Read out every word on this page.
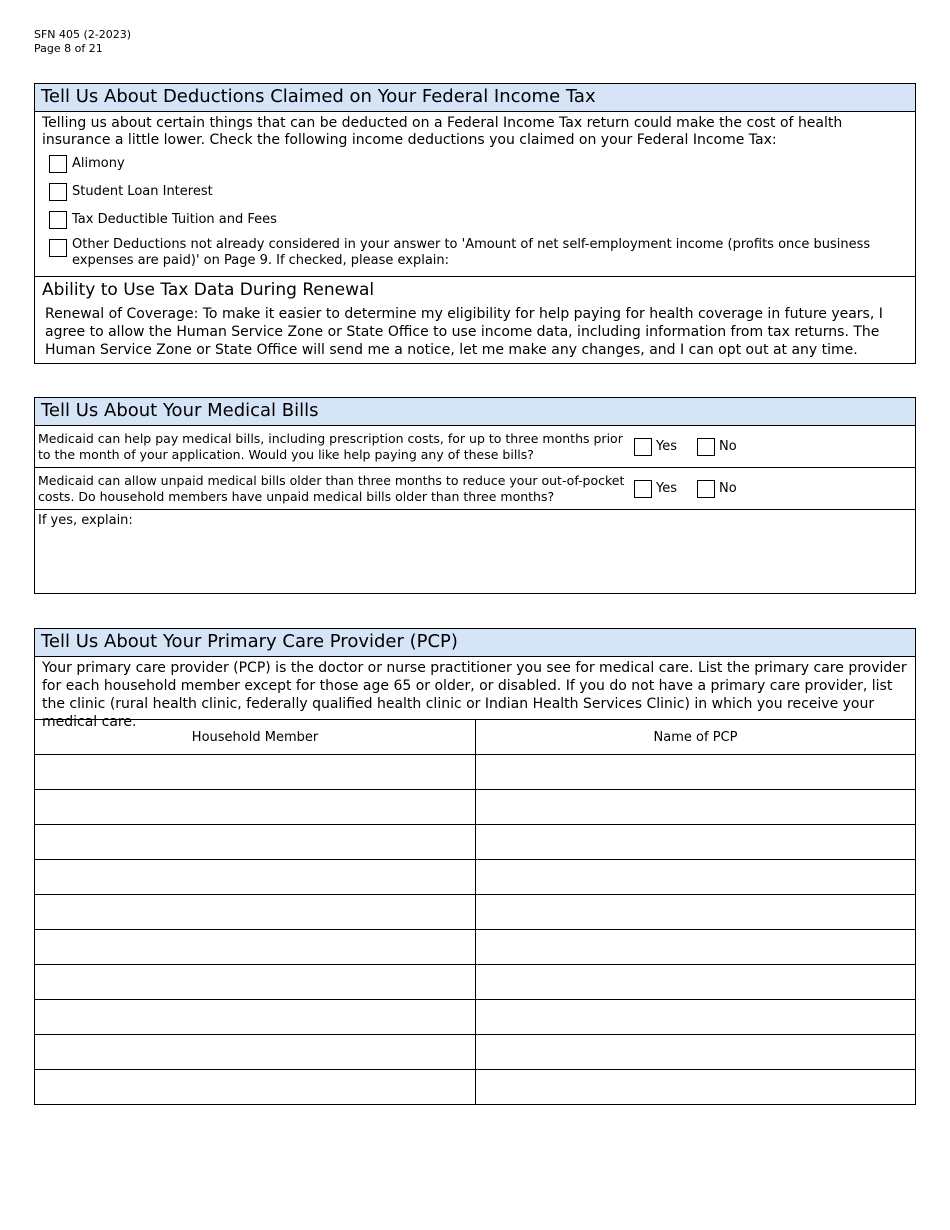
SFN 405 (2-2023)
Page 8 of 21
Tell Us About Deductions Claimed on Your Federal Income Tax
Telling us about certain things that can be deducted on a Federal Income Tax return could make the cost of health insurance a little lower. Check the following income deductions you claimed on your Federal Income Tax:
Alimony
Student Loan Interest
Tax Deductible Tuition and Fees
Other Deductions not already considered in your answer to 'Amount of net self-employment income (profits once business expenses are paid)' on Page 9. If checked, please explain:
Ability to Use Tax Data During Renewal
Renewal of Coverage: To make it easier to determine my eligibility for help paying for health coverage in future years, I agree to allow the Human Service Zone or State Office to use income data, including information from tax returns. The Human Service Zone or State Office will send me a notice, let me make any changes, and I can opt out at any time.
Tell Us About Your Medical Bills
Medicaid can help pay medical bills, including prescription costs, for up to three months prior to the month of your application. Would you like help paying any of these bills?
Yes	No
Medicaid can allow unpaid medical bills older than three months to reduce your out-of-pocket costs. Do household members have unpaid medical bills older than three months?
Yes	No
If yes, explain:
Tell Us About Your Primary Care Provider (PCP)
Your primary care provider (PCP) is the doctor or nurse practitioner you see for medical care. List the primary care provider for each household member except for those age 65 or older, or disabled. If you do not have a primary care provider, list the clinic (rural health clinic, federally qualified health clinic or Indian Health Services Clinic) in which you receive your medical care.
Household Member	Name of PCP
